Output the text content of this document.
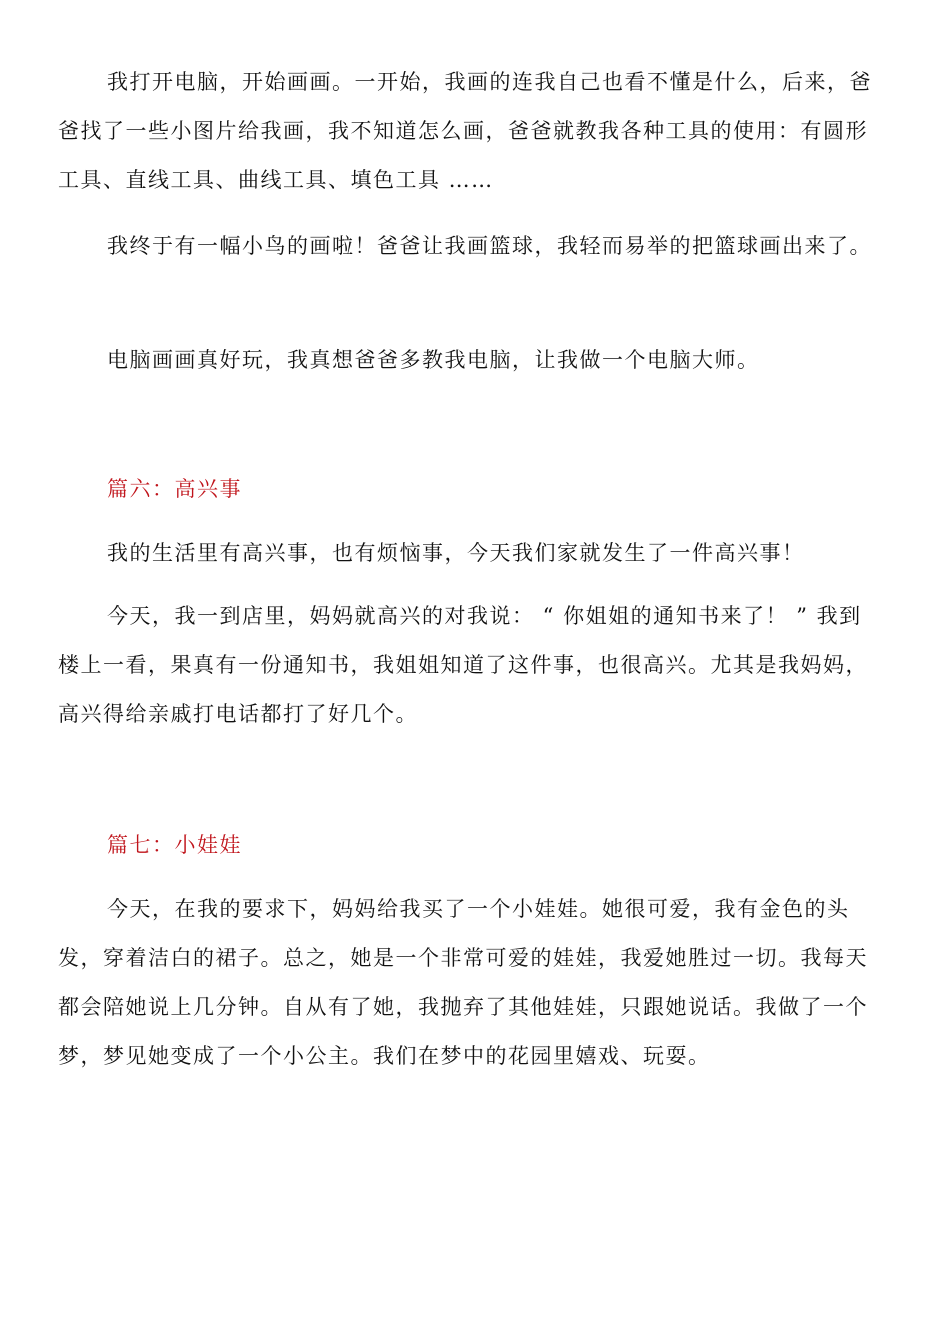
我打开电脑，开始画画。一开始，我画的连我自己也看不懂是什么，后来，爸爸找了一些小图片给我画，我不知道怎么画，爸爸就教我各种工具的使用：有圆形工具、直线工具、曲线工具、填色工具 ……

我终于有一幅小鸟的画啦！爸爸让我画篮球，我轻而易举的把篮球画出来了。

电脑画画真好玩，我真想爸爸多教我电脑，让我做一个电脑大师。

篇六：高兴事

我的生活里有高兴事，也有烦恼事，今天我们家就发生了一件高兴事！

今天，我一到店里，妈妈就高兴的对我说： “ 你姐姐的通知书来了！ ” 我到楼上一看，果真有一份通知书，我姐姐知道了这件事，也很高兴。尤其是我妈妈，高兴得给亲戚打电话都打了好几个。

篇七：小娃娃

今天，在我的要求下，妈妈给我买了一个小娃娃。她很可爱，我有金色的头发，穿着洁白的裙子。总之，她是一个非常可爱的娃娃，我爱她胜过一切。我每天都会陪她说上几分钟。自从有了她，我抛弃了其他娃娃，只跟她说话。我做了一个梦，梦见她变成了一个小公主。我们在梦中的花园里嬉戏、玩耍。
